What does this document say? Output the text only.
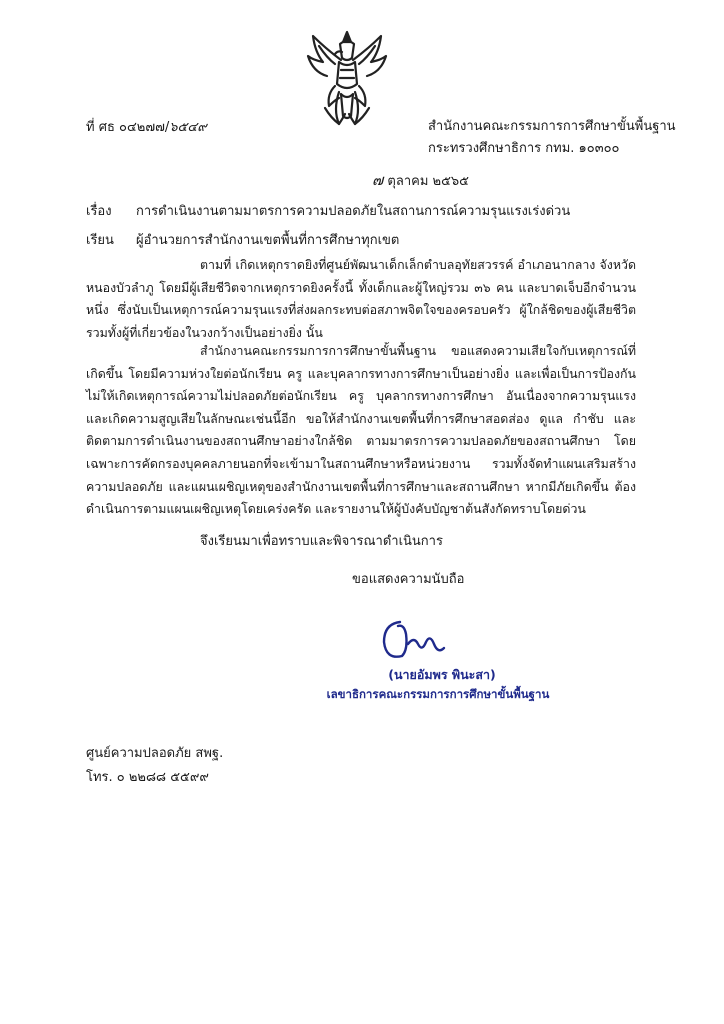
ที่ ศธ ๐๔๒๗๗/๖๕๔๙	สำนักงานคณะกรรมการการศึกษาขั้นพื้นฐาน
กระทรวงศึกษาธิการ กทม. ๑๐๓๐๐
๗ ตุลาคม ๒๕๖๕
เรื่อง	การดำเนินงานตามมาตรการความปลอดภัยในสถานการณ์ความรุนแรงเร่งด่วน
เรียน	ผู้อำนวยการสำนักงานเขตพื้นที่การศึกษาทุกเขต

ตามที่ เกิดเหตุกราดยิงที่ศูนย์พัฒนาเด็กเล็กตำบลอุทัยสวรรค์ อำเภอนากลาง จังหวัดหนองบัวลำภู โดยมีผู้เสียชีวิตจากเหตุกราดยิงครั้งนี้ ทั้งเด็กและผู้ใหญ่รวม ๓๖ คน และบาดเจ็บอีกจำนวนหนึ่ง ซึ่งนับเป็นเหตุการณ์ความรุนแรงที่ส่งผลกระทบต่อสภาพจิตใจของครอบครัว ผู้ใกล้ชิดของผู้เสียชีวิต รวมทั้งผู้ที่เกี่ยวข้องในวงกว้างเป็นอย่างยิ่ง นั้น

สำนักงานคณะกรรมการการศึกษาขั้นพื้นฐาน ขอแสดงความเสียใจกับเหตุการณ์ที่เกิดขึ้น โดยมีความห่วงใยต่อนักเรียน ครู และบุคลากรทางการศึกษาเป็นอย่างยิ่ง และเพื่อเป็นการป้องกันไม่ให้เกิดเหตุการณ์ความไม่ปลอดภัยต่อนักเรียน ครู บุคลากรทางการศึกษา อันเนื่องจากความรุนแรง และเกิดความสูญเสียในลักษณะเช่นนี้อีก ขอให้สำนักงานเขตพื้นที่การศึกษาสอดส่อง ดูแล กำชับ และติดตามการดำเนินงานของสถานศึกษาอย่างใกล้ชิด ตามมาตรการความปลอดภัยของสถานศึกษา โดยเฉพาะการคัดกรองบุคคลภายนอกที่จะเข้ามาในสถานศึกษาหรือหน่วยงาน รวมทั้งจัดทำแผนเสริมสร้างความปลอดภัย และแผนเผชิญเหตุของสำนักงานเขตพื้นที่การศึกษาและสถานศึกษา หากมีภัยเกิดขึ้น ต้องดำเนินการตามแผนเผชิญเหตุโดยเคร่งครัด และรายงานให้ผู้บังคับบัญชาต้นสังกัดทราบโดยด่วน

จึงเรียนมาเพื่อทราบและพิจารณาดำเนินการ
ขอแสดงความนับถือ
(นายอัมพร พินะสา)
เลขาธิการคณะกรรมการการศึกษาขั้นพื้นฐาน
ศูนย์ความปลอดภัย สพฐ.
โทร. ๐ ๒๒๘๘ ๕๕๙๙
